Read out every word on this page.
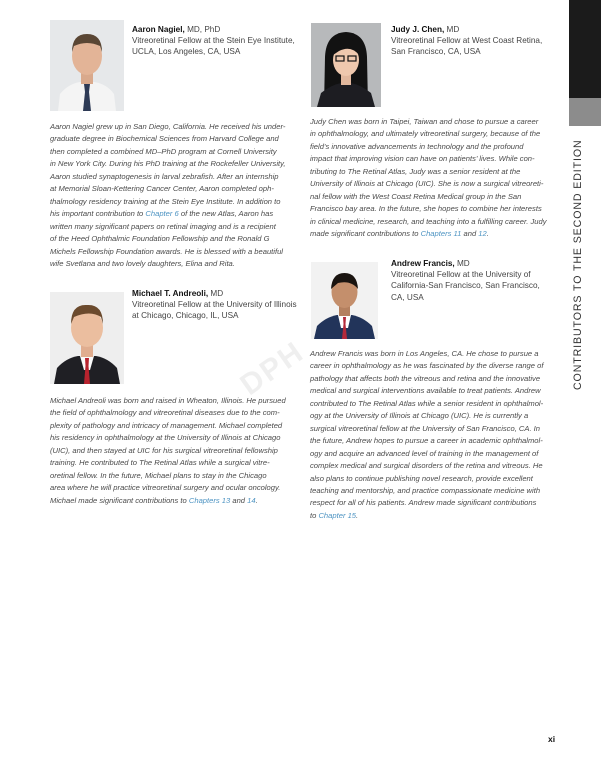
CONTRIBUTORS TO THE SECOND EDITION
DPH
Aaron Nagiel, MD, PhD
Vitreoretinal Fellow at the Stein Eye Institute,
UCLA, Los Angeles, CA, USA
Aaron Nagiel grew up in San Diego, California. He received his under-
graduate degree in Biochemical Sciences from Harvard College and
then completed a combined MD–PhD program at Cornell University
in New York City. During his PhD training at the Rockefeller University,
Aaron studied synaptogenesis in larval zebrafish. After an internship
at Memorial Sloan-Kettering Cancer Center, Aaron completed oph-
thalmology residency training at the Stein Eye Institute. In addition to
his important contribution to Chapter 6 of the new Atlas, Aaron has
written many significant papers on retinal imaging and is a recipient
of the Heed Ophthalmic Foundation Fellowship and the Ronald G
Michels Fellowship Foundation awards. He is blessed with a beautiful
wife Svetlana and two lovely daughters, Elina and Rita.
Michael T. Andreoli, MD
Vitreoretinal Fellow at the University of Illinois
at Chicago, Chicago, IL, USA
Michael Andreoli was born and raised in Wheaton, Illinois. He pursued
the field of ophthalmology and vitreoretinal diseases due to the com-
plexity of pathology and intricacy of management. Michael completed
his residency in ophthalmology at the University of Illinois at Chicago
(UIC), and then stayed at UIC for his surgical vitreoretinal fellowship
training. He contributed to The Retinal Atlas while a surgical vitre-
oretinal fellow. In the future, Michael plans to stay in the Chicago
area where he will practice vitreoretinal surgery and ocular oncology.
Michael made significant contributions to Chapters 13 and 14.
Judy J. Chen, MD
Vitreoretinal Fellow at West Coast Retina,
San Francisco, CA, USA
Judy Chen was born in Taipei, Taiwan and chose to pursue a career
in ophthalmology, and ultimately vitreoretinal surgery, because of the
field’s innovative advancements in technology and the profound
impact that improving vision can have on patients’ lives. While con-
tributing to The Retinal Atlas, Judy was a senior resident at the
University of Illinois at Chicago (UIC). She is now a surgical vitreoreti-
nal fellow with the West Coast Retina Medical group in the San
Francisco bay area. In the future, she hopes to combine her interests
in clinical medicine, research, and teaching into a fulfilling career. Judy
made significant contributions to Chapters 11 and 12.
Andrew Francis, MD
Vitreoretinal Fellow at the University of
California-San Francisco, San Francisco,
CA, USA
Andrew Francis was born in Los Angeles, CA. He chose to pursue a
career in ophthalmology as he was fascinated by the diverse range of
pathology that affects both the vitreous and retina and the innovative
medical and surgical interventions available to treat patients. Andrew
contributed to The Retinal Atlas while a senior resident in ophthalmol-
ogy at the University of Illinois at Chicago (UIC). He is currently a
surgical vitreoretinal fellow at the University of San Francisco, CA. In
the future, Andrew hopes to pursue a career in academic ophthalmol-
ogy and acquire an advanced level of training in the management of
complex medical and surgical disorders of the retina and vitreous. He
also plans to continue publishing novel research, provide excellent
teaching and mentorship, and practice compassionate medicine with
respect for all of his patients. Andrew made significant contributions
to Chapter 15.
xi
